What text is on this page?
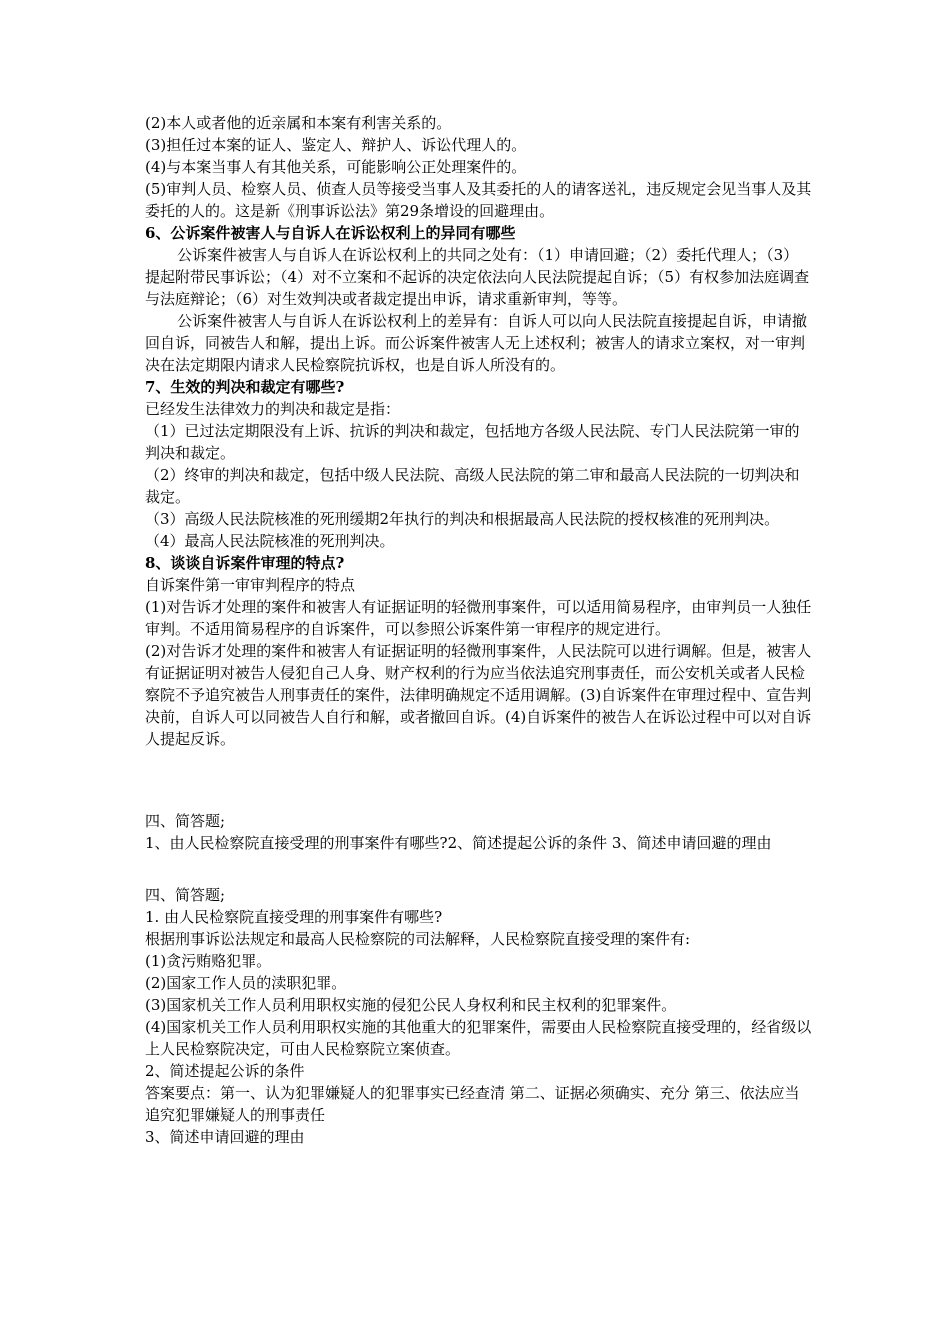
(2)本人或者他的近亲属和本案有利害关系的。

(3)担任过本案的证人、鉴定人、辩护人、诉讼代理人的。

(4)与本案当事人有其他关系，可能影响公正处理案件的。

(5)审判人员、检察人员、侦查人员等接受当事人及其委托的人的请客送礼，违反规定会见当事人及其委托的人的。这是新《刑事诉讼法》第29条增设的回避理由。

6、公诉案件被害人与自诉人在诉讼权利上的异同有哪些

公诉案件被害人与自诉人在诉讼权利上的共同之处有：（1）申请回避；（2）委托代理人；（3）提起附带民事诉讼；（4）对不立案和不起诉的决定依法向人民法院提起自诉；（5）有权参加法庭调查与法庭辩论；（6）对生效判决或者裁定提出申诉，请求重新审判，等等。

公诉案件被害人与自诉人在诉讼权利上的差异有：自诉人可以向人民法院直接提起自诉，申请撤回自诉，同被告人和解，提出上诉。而公诉案件被害人无上述权利；被害人的请求立案权，对一审判决在法定期限内请求人民检察院抗诉权，也是自诉人所没有的。

7、生效的判决和裁定有哪些?

已经发生法律效力的判决和裁定是指：

（1）已过法定期限没有上诉、抗诉的判决和裁定，包括地方各级人民法院、专门人民法院第一审的判决和裁定。

（2）终审的判决和裁定，包括中级人民法院、高级人民法院的第二审和最高人民法院的一切判决和裁定。

（3）高级人民法院核准的死刑缓期2年执行的判决和根据最高人民法院的授权核准的死刑判决。

（4）最高人民法院核准的死刑判决。

8、谈谈自诉案件审理的特点?

自诉案件第一审审判程序的特点

(1)对告诉才处理的案件和被害人有证据证明的轻微刑事案件，可以适用简易程序，由审判员一人独任审判。不适用简易程序的自诉案件，可以参照公诉案件第一审程序的规定进行。

(2)对告诉才处理的案件和被害人有证据证明的轻微刑事案件，人民法院可以进行调解。但是，被害人有证据证明对被告人侵犯自己人身、财产权利的行为应当依法追究刑事责任，而公安机关或者人民检察院不予追究被告人刑事责任的案件，法律明确规定不适用调解。(3)自诉案件在审理过程中、宣告判决前，自诉人可以同被告人自行和解，或者撤回自诉。(4)自诉案件的被告人在诉讼过程中可以对自诉人提起反诉。

四、简答题;

1、由人民检察院直接受理的刑事案件有哪些?2、简述提起公诉的条件 3、简述申请回避的理由

四、简答题;

1. 由人民检察院直接受理的刑事案件有哪些?

根据刑事诉讼法规定和最高人民检察院的司法解释，人民检察院直接受理的案件有:

(1)贪污贿赂犯罪。

(2)国家工作人员的渎职犯罪。

(3)国家机关工作人员利用职权实施的侵犯公民人身权利和民主权利的犯罪案件。

(4)国家机关工作人员利用职权实施的其他重大的犯罪案件，需要由人民检察院直接受理的，经省级以上人民检察院决定，可由人民检察院立案侦查。

2、简述提起公诉的条件

答案要点：第一、认为犯罪嫌疑人的犯罪事实已经查清 第二、证据必须确实、充分 第三、依法应当追究犯罪嫌疑人的刑事责任

3、简述申请回避的理由
